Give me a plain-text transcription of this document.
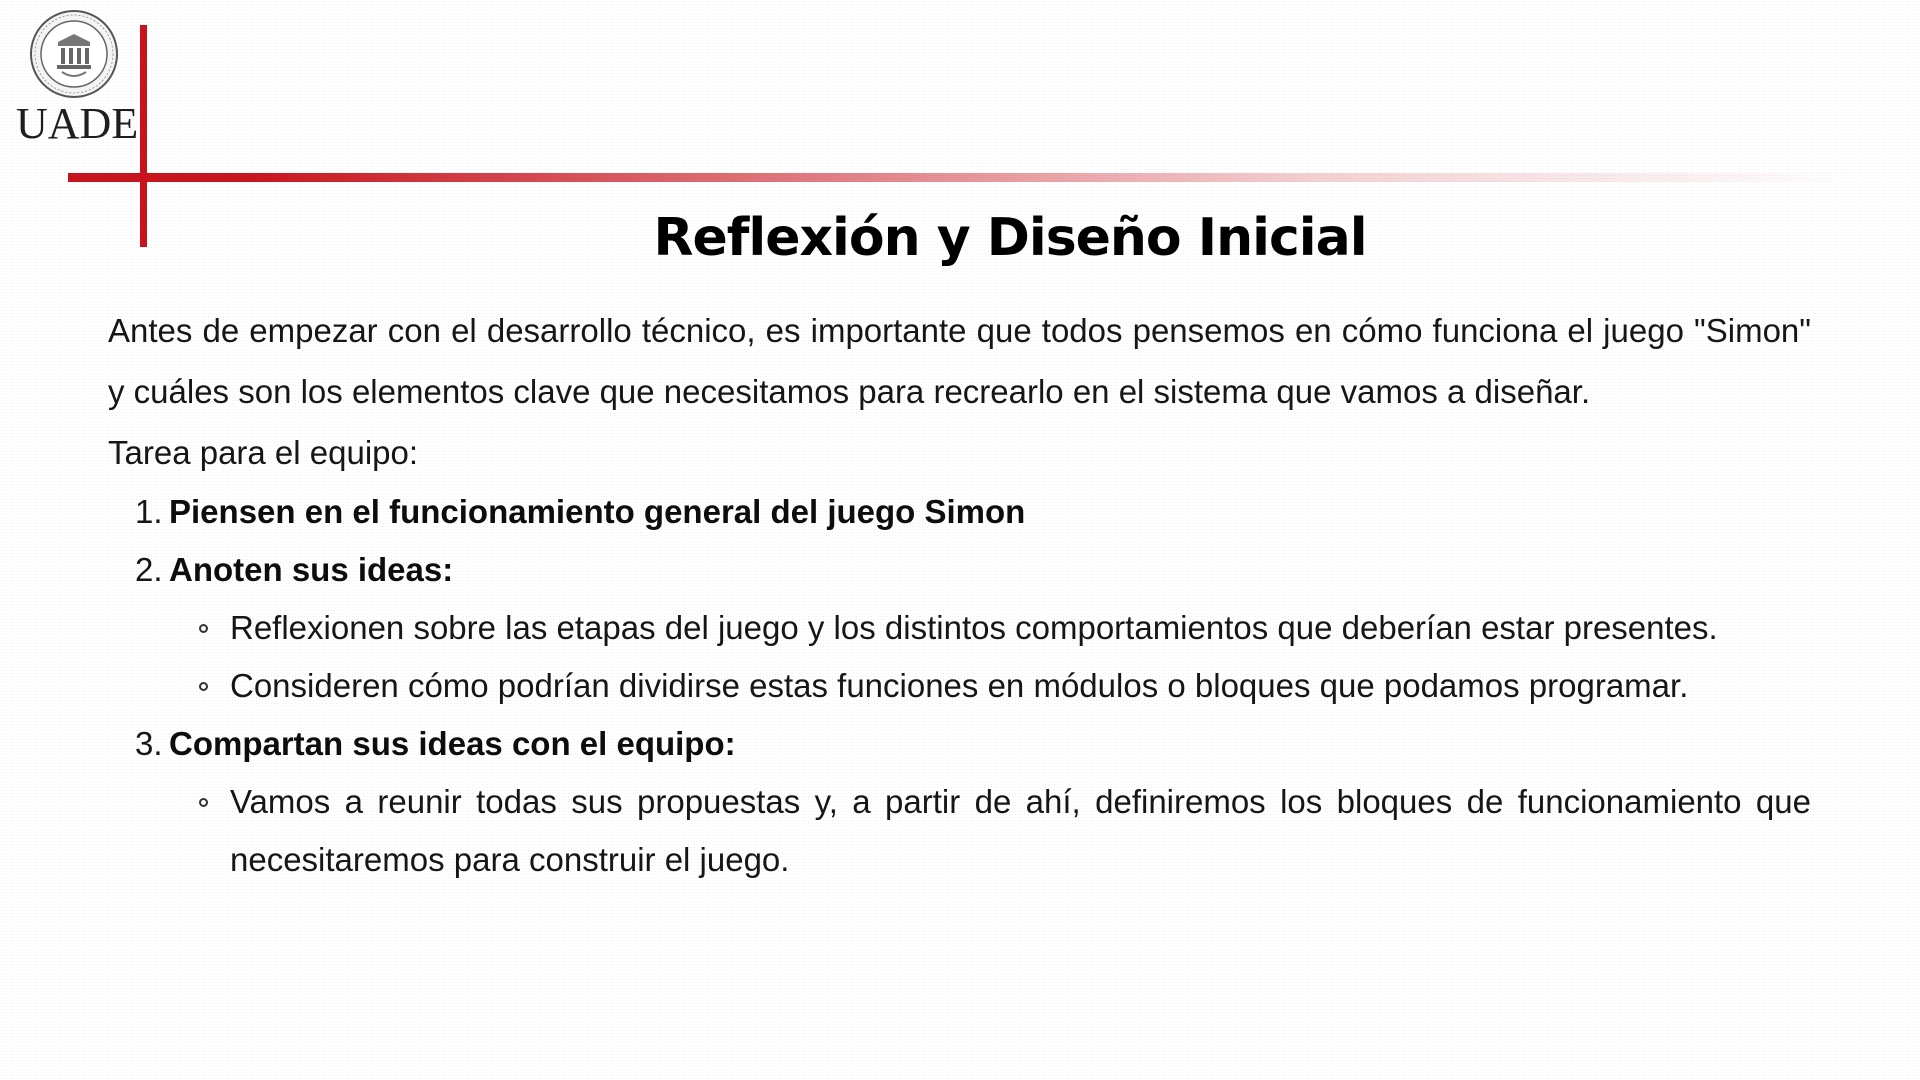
UADE
Reflexión y Diseño Inicial

Antes de empezar con el desarrollo técnico, es importante que todos pensemos en cómo funciona el juego "Simon" y cuáles son los elementos clave que necesitamos para recrearlo en el sistema que vamos a diseñar.

Tarea para el equipo:

1. Piensen en el funcionamiento general del juego Simon
2. Anoten sus ideas:
Reflexionen sobre las etapas del juego y los distintos comportamientos que deberían estar presentes.
Consideren cómo podrían dividirse estas funciones en módulos o bloques que podamos programar.
3. Compartan sus ideas con el equipo:
Vamos a reunir todas sus propuestas y, a partir de ahí, definiremos los bloques de funcionamiento que necesitaremos para construir el juego.
